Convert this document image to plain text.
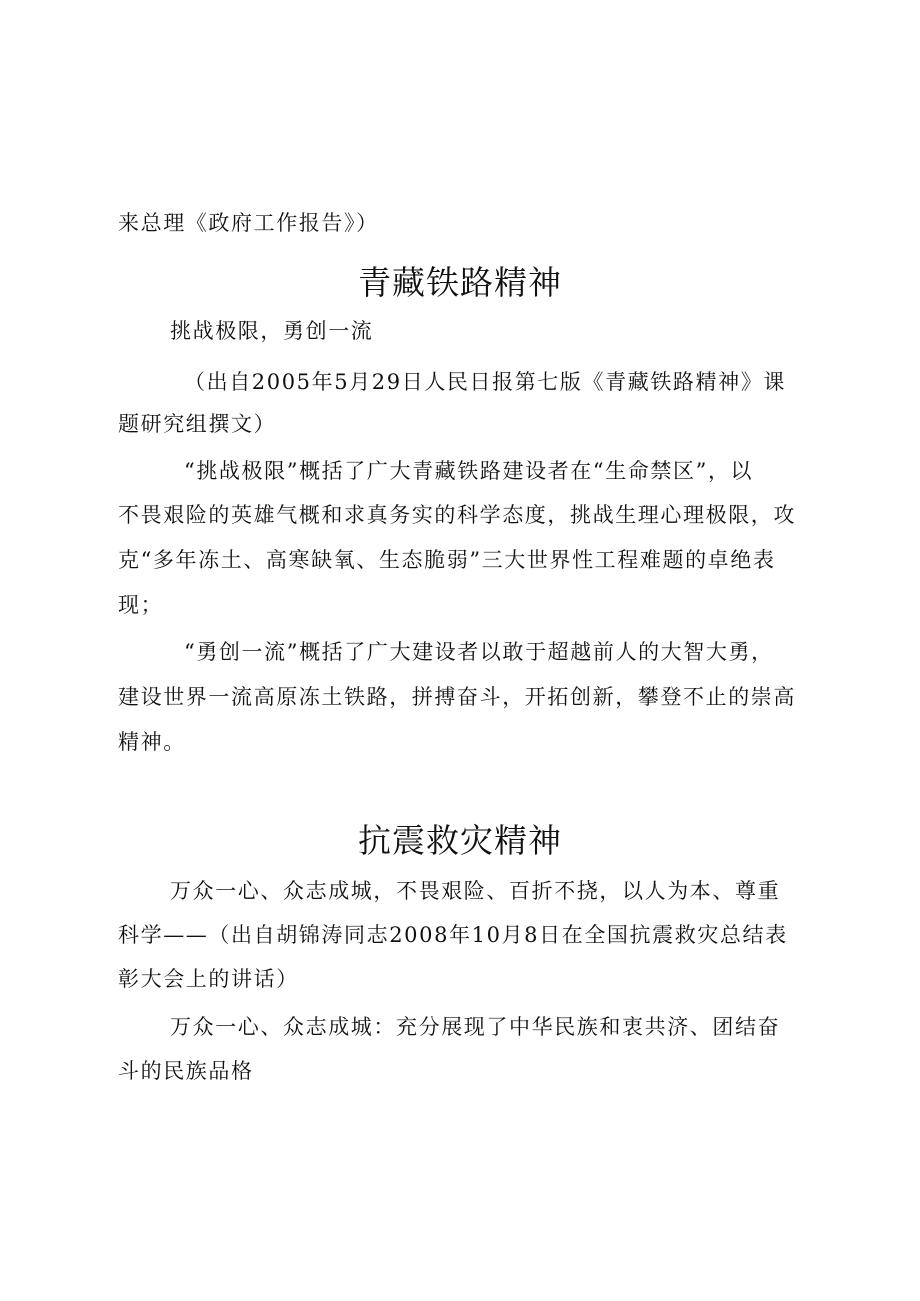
来总理《政府工作报告》）

青藏铁路精神

挑战极限，勇创一流

（出自2005年5月29日人民日报第七版《青藏铁路精神》课

题研究组撰文）

“挑战极限”概括了广大青藏铁路建设者在“生命禁区”，以

不畏艰险的英雄气概和求真务实的科学态度，挑战生理心理极限，攻

克“多年冻土、高寒缺氧、生态脆弱”三大世界性工程难题的卓绝表

现；

“勇创一流”概括了广大建设者以敢于超越前人的大智大勇，

建设世界一流高原冻土铁路，拼搏奋斗，开拓创新，攀登不止的崇高

精神。

抗震救灾精神

万众一心、众志成城，不畏艰险、百折不挠，以人为本、尊重

科学——（出自胡锦涛同志2008年10月8日在全国抗震救灾总结表

彰大会上的讲话）

万众一心、众志成城：充分展现了中华民族和衷共济、团结奋

斗的民族品格
